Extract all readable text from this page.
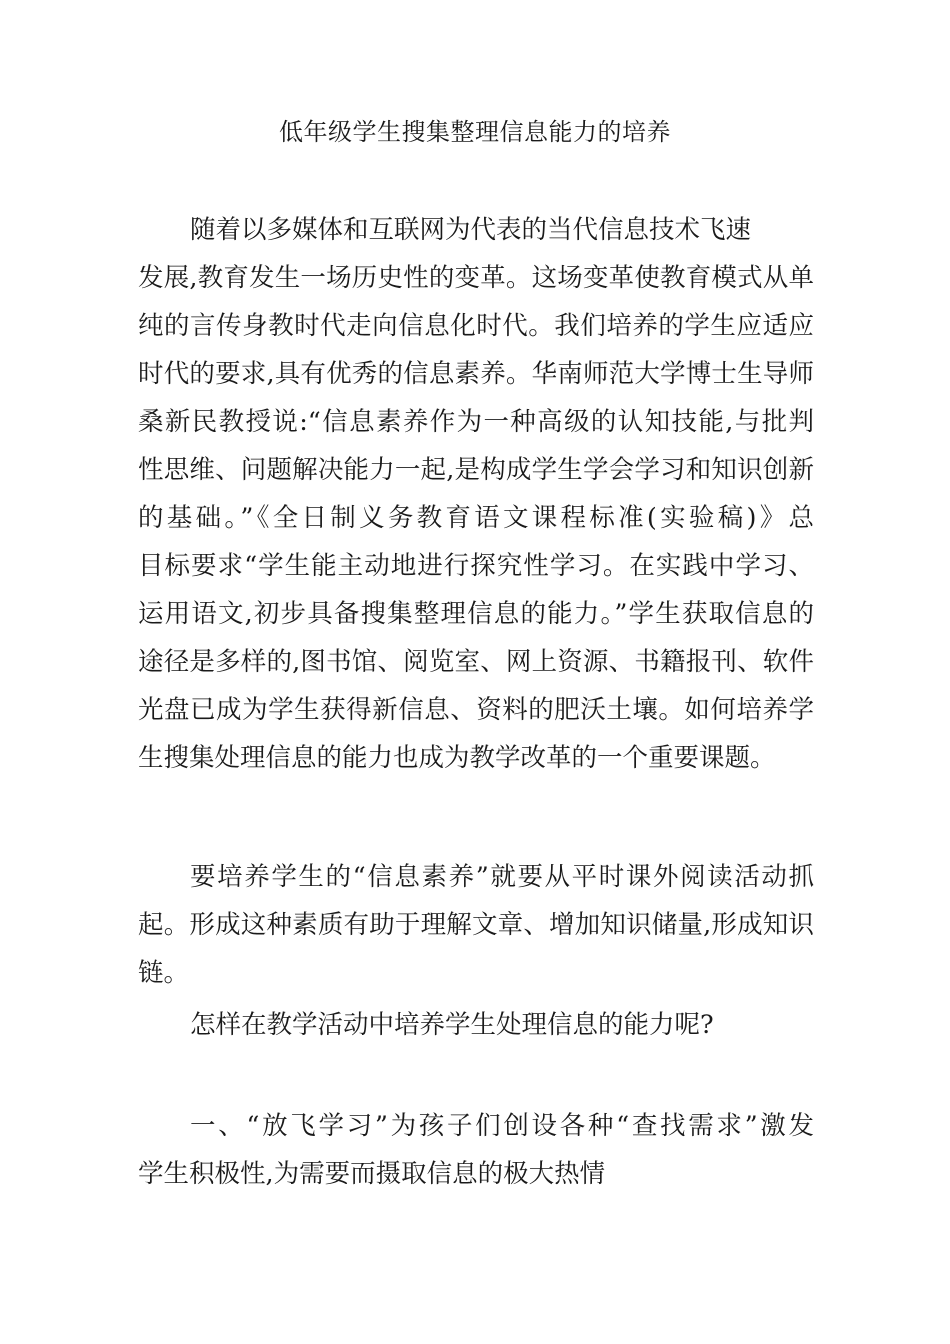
低年级学生搜集整理信息能力的培养
随着以多媒体和互联网为代表的当代信息技术飞速
发展,教育发生一场历史性的变革。这场变革使教育模式从单
纯的言传身教时代走向信息化时代。我们培养的学生应适应
时代的要求,具有优秀的信息素养。华南师范大学博士生导师
桑新民教授说:“信息素养作为一种高级的认知技能,与批判
性思维、问题解决能力一起,是构成学生学会学习和知识创新
的基础。”《全日制义务教育语文课程标准(实验稿)》总
目标要求“学生能主动地进行探究性学习。在实践中学习、
运用语文,初步具备搜集整理信息的能力。”学生获取信息的
途径是多样的,图书馆、阅览室、网上资源、书籍报刊、软件
光盘已成为学生获得新信息、资料的肥沃土壤。如何培养学
生搜集处理信息的能力也成为教学改革的一个重要课题。
要培养学生的“信息素养”就要从平时课外阅读活动抓
起。形成这种素质有助于理解文章、增加知识储量,形成知识
链。
怎样在教学活动中培养学生处理信息的能力呢?
一、“放飞学习”为孩子们创设各种“查找需求”激发
学生积极性,为需要而摄取信息的极大热情
